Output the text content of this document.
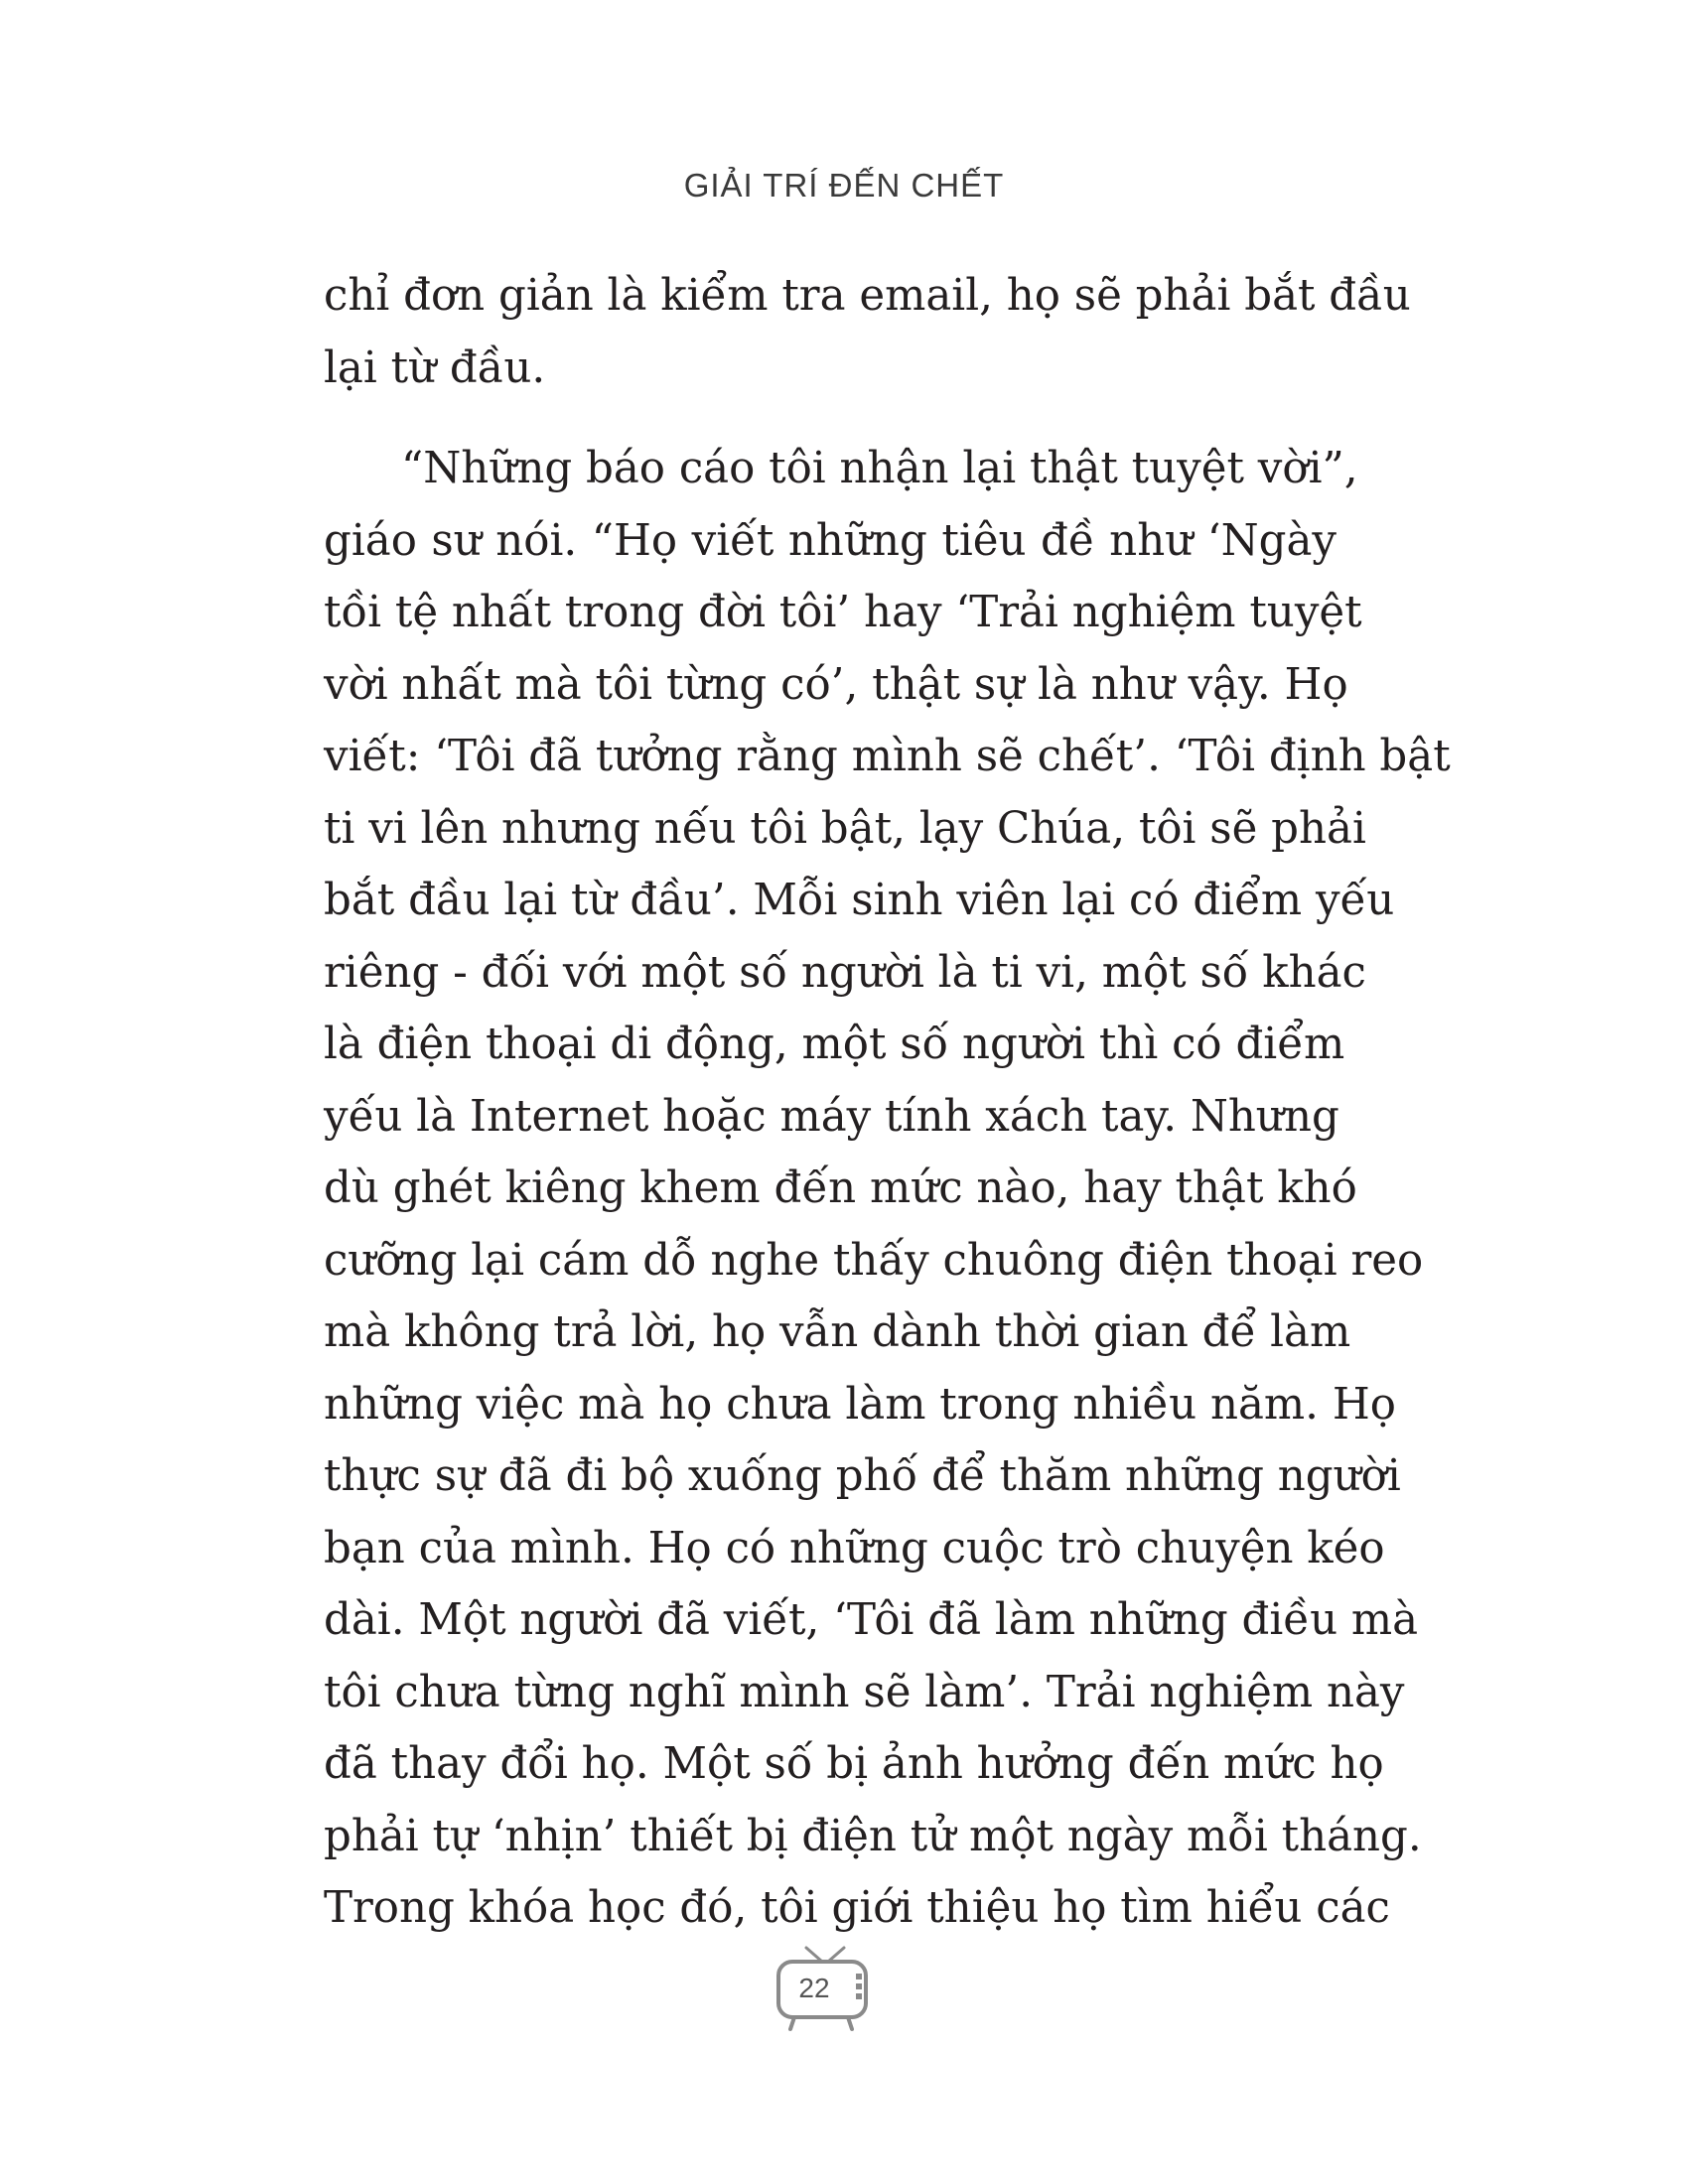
GIẢI TRÍ ĐẾN CHẾT
chỉ đơn giản là kiểm tra email, họ sẽ phải bắt đầu
lại từ đầu.
“Những báo cáo tôi nhận lại thật tuyệt vời”,
giáo sư nói. “Họ viết những tiêu đề như ‘Ngày
tồi tệ nhất trong đời tôi’ hay ‘Trải nghiệm tuyệt
vời nhất mà tôi từng có’, thật sự là như vậy. Họ
viết: ‘Tôi đã tưởng rằng mình sẽ chết’. ‘Tôi định bật
ti vi lên nhưng nếu tôi bật, lạy Chúa, tôi sẽ phải
bắt đầu lại từ đầu’. Mỗi sinh viên lại có điểm yếu
riêng - đối với một số người là ti vi, một số khác
là điện thoại di động, một số người thì có điểm
yếu là Internet hoặc máy tính xách tay. Nhưng
dù ghét kiêng khem đến mức nào, hay thật khó
cưỡng lại cám dỗ nghe thấy chuông điện thoại reo
mà không trả lời, họ vẫn dành thời gian để làm
những việc mà họ chưa làm trong nhiều năm. Họ
thực sự đã đi bộ xuống phố để thăm những người
bạn của mình. Họ có những cuộc trò chuyện kéo
dài. Một người đã viết, ‘Tôi đã làm những điều mà
tôi chưa từng nghĩ mình sẽ làm’. Trải nghiệm này
đã thay đổi họ. Một số bị ảnh hưởng đến mức họ
phải tự ‘nhịn’ thiết bị điện tử một ngày mỗi tháng.
Trong khóa học đó, tôi giới thiệu họ tìm hiểu các
22
